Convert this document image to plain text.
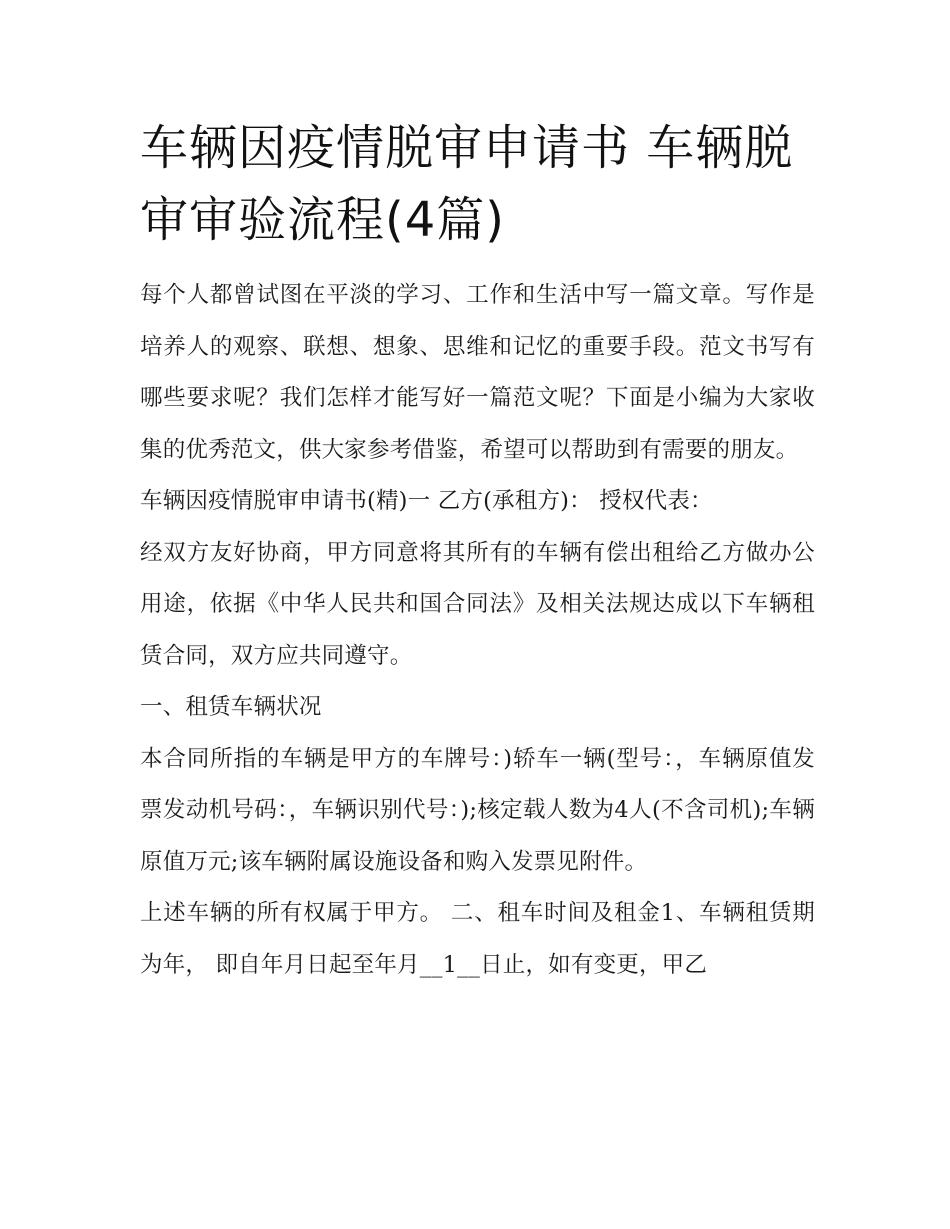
车辆因疫情脱审申请书 车辆脱审审验流程(4篇)

每个人都曾试图在平淡的学习、工作和生活中写一篇文章。写作是培养人的观察、联想、想象、思维和记忆的重要手段。范文书写有哪些要求呢？我们怎样才能写好一篇范文呢？下面是小编为大家收集的优秀范文，供大家参考借鉴，希望可以帮助到有需要的朋友。

车辆因疫情脱审申请书(精)一 乙方(承租方)： 授权代表：

经双方友好协商，甲方同意将其所有的车辆有偿出租给乙方做办公用途，依据《中华人民共和国合同法》及相关法规达成以下车辆租赁合同，双方应共同遵守。

一、租赁车辆状况

本合同所指的车辆是甲方的车牌号：)轿车一辆(型号：，车辆原值发票发动机号码：，车辆识别代号：);核定载人数为4人(不含司机);车辆原值万元;该车辆附属设施设备和购入发票见附件。

上述车辆的所有权属于甲方。 二、租车时间及租金1、车辆租赁期为年， 即自年月日起至年月__1__日止，如有变更，甲乙
